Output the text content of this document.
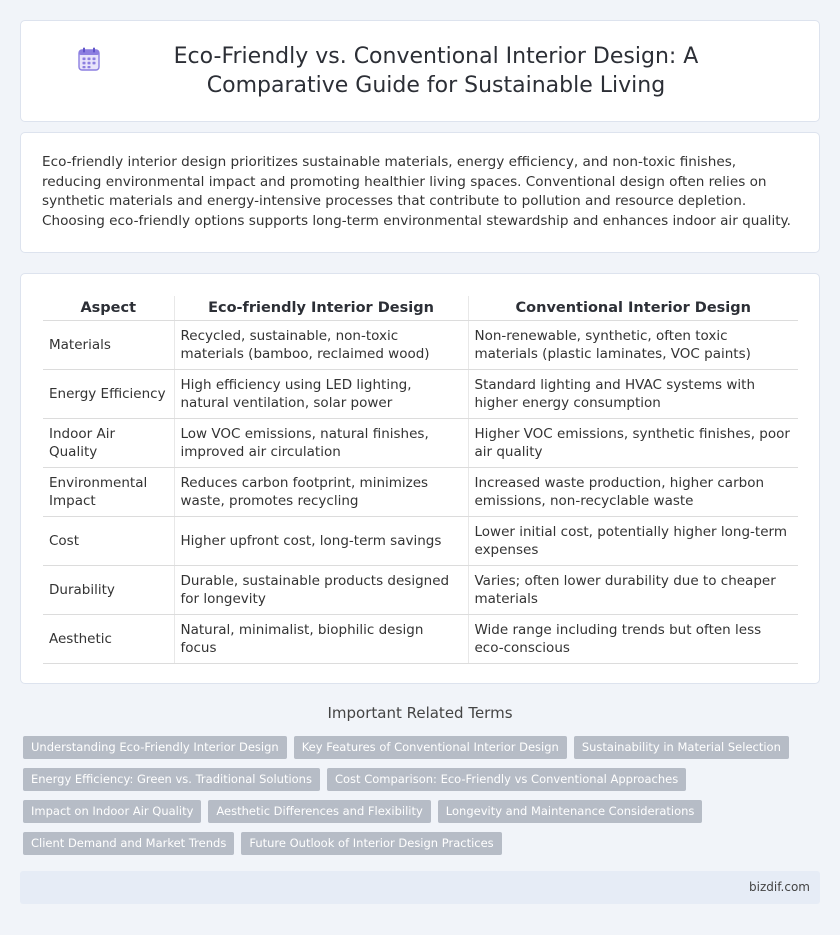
Eco-Friendly vs. Conventional Interior Design: A Comparative Guide for Sustainable Living

Eco-friendly interior design prioritizes sustainable materials, energy efficiency, and non-toxic finishes, reducing environmental impact and promoting healthier living spaces. Conventional design often relies on synthetic materials and energy-intensive processes that contribute to pollution and resource depletion. Choosing eco-friendly options supports long-term environmental stewardship and enhances indoor air quality.

Aspect	Eco-friendly Interior Design	Conventional Interior Design
Materials	Recycled, sustainable, non-toxic materials (bamboo, reclaimed wood)	Non-renewable, synthetic, often toxic materials (plastic laminates, VOC paints)
Energy Efficiency	High efficiency using LED lighting, natural ventilation, solar power	Standard lighting and HVAC systems with higher energy consumption
Indoor Air Quality	Low VOC emissions, natural finishes, improved air circulation	Higher VOC emissions, synthetic finishes, poor air quality
Environmental Impact	Reduces carbon footprint, minimizes waste, promotes recycling	Increased waste production, higher carbon emissions, non-recyclable waste
Cost	Higher upfront cost, long-term savings	Lower initial cost, potentially higher long-term expenses
Durability	Durable, sustainable products designed for longevity	Varies; often lower durability due to cheaper materials
Aesthetic	Natural, minimalist, biophilic design focus	Wide range including trends but often less eco-conscious
Important Related Terms
Understanding Eco-Friendly Interior Design	Key Features of Conventional Interior Design	Sustainability in Material Selection
Energy Efficiency: Green vs. Traditional Solutions	Cost Comparison: Eco-Friendly vs Conventional Approaches
Impact on Indoor Air Quality	Aesthetic Differences and Flexibility	Longevity and Maintenance Considerations
Client Demand and Market Trends	Future Outlook of Interior Design Practices
bizdif.com
